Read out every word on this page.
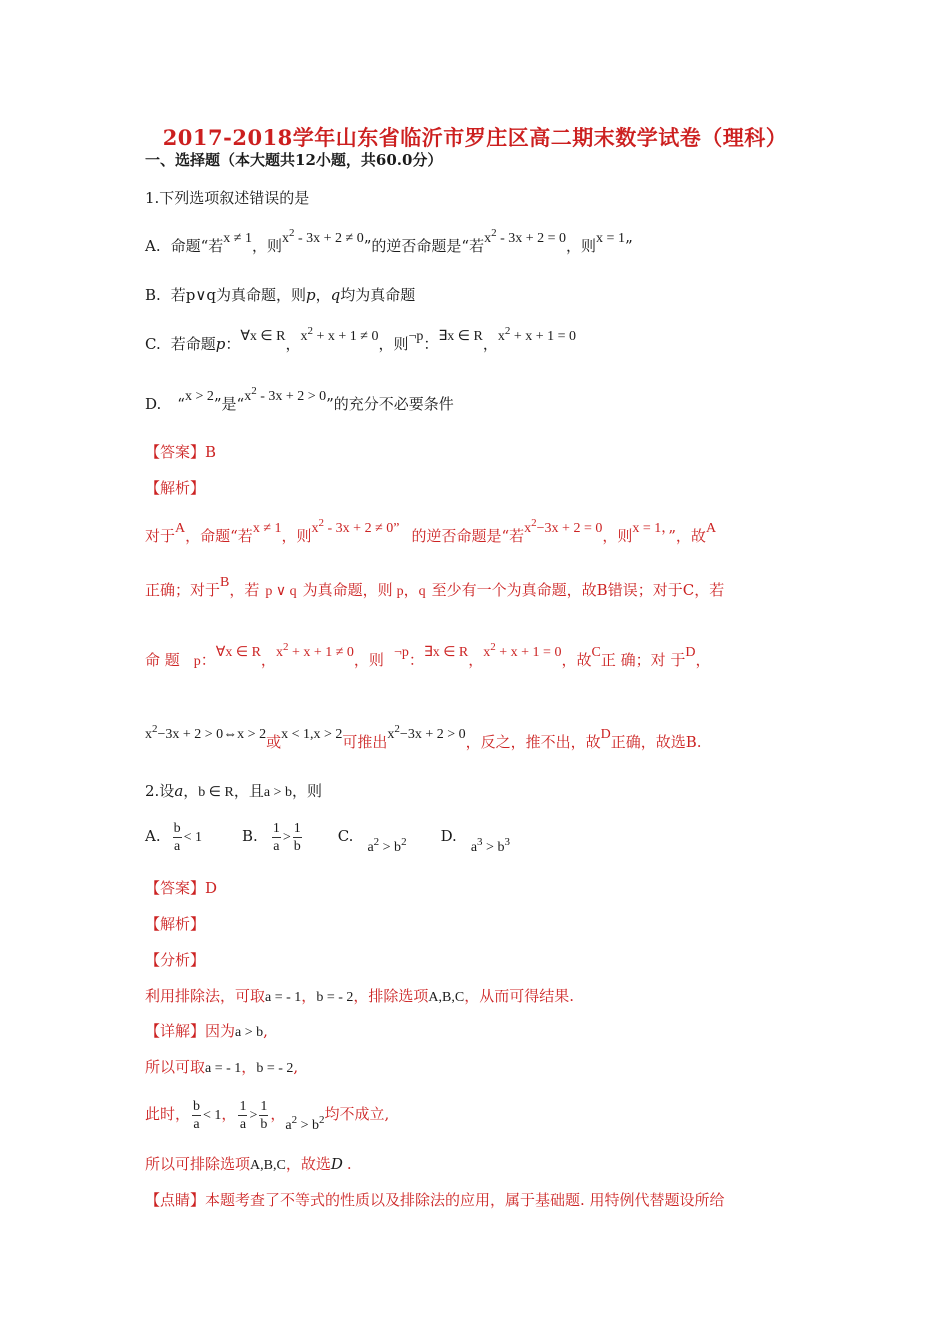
2017-2018学年山东省临沂市罗庄区高二期末数学试卷（理科）
一、选择题（本大题共12小题，共60.0分）
1.下列选项叙述错误的是
A. 命题“若x ≠ 1，则$x^2 - 3x + 2 \ne 0$”的逆否命题是“若$x^2 - 3x + 2 = 0$，则x = 1”
B. 若p∨q为真命题，则p，q均为真命题
C. 若命题p：∀x ∈ R，$x^2 + x + 1 \ne 0$，则¬p：∃x ∈ R，$x^2 + x + 1 = 0$
D. “x > 2”是“$x^2 - 3x + 2 > 0$”的充分不必要条件
【答案】B
【解析】
对于A，命题“若x ≠ 1，则$x^2 - 3x + 2 \ne 0$” 的逆否命题是“若$x^2-3x + 2 = 0$，则x = 1，”，故A
正确；对于B，若 p ∨ q 为真命题，则 p，q 至少有一个为真命题，故B错误；对于C，若
命 题 p：∀x ∈ R，$x^2 + x + 1 \ne 0$，则 ¬p：∃x ∈ R，$x^2 + x + 1 = 0$，故C正 确；对 于D，
$x^2-3x + 2$ > 0⇔x > 2或x < 1,x > 2可推出$x^2-3x + 2 > 0$，反之，推不出，故D正确，故选B.
2.设a，b ∈ R，且a > b，则
A. $\frac{b}{a} < 1$	B. $\frac{1}{a} > \frac{1}{b} C.a^2 > b^2$ $D.a^3 > b^3$
【答案】D
【解析】
【分析】
利用排除法，可取a = - 1，b = - 2，排除选项A,B,C，从而可得结果.
【详解】因为a > b,
所以可取a = - 1，b = - 2,
此时， $\frac{b}{a} < 1$， $\frac{1}{a} > \frac{1}{b}$ ，$a^2 > b^2$均不成立,
所以可排除选项A,B,C，故选D .
【点睛】本题考查了不等式的性质以及排除法的应用，属于基础题. 用特例代替题设所给
